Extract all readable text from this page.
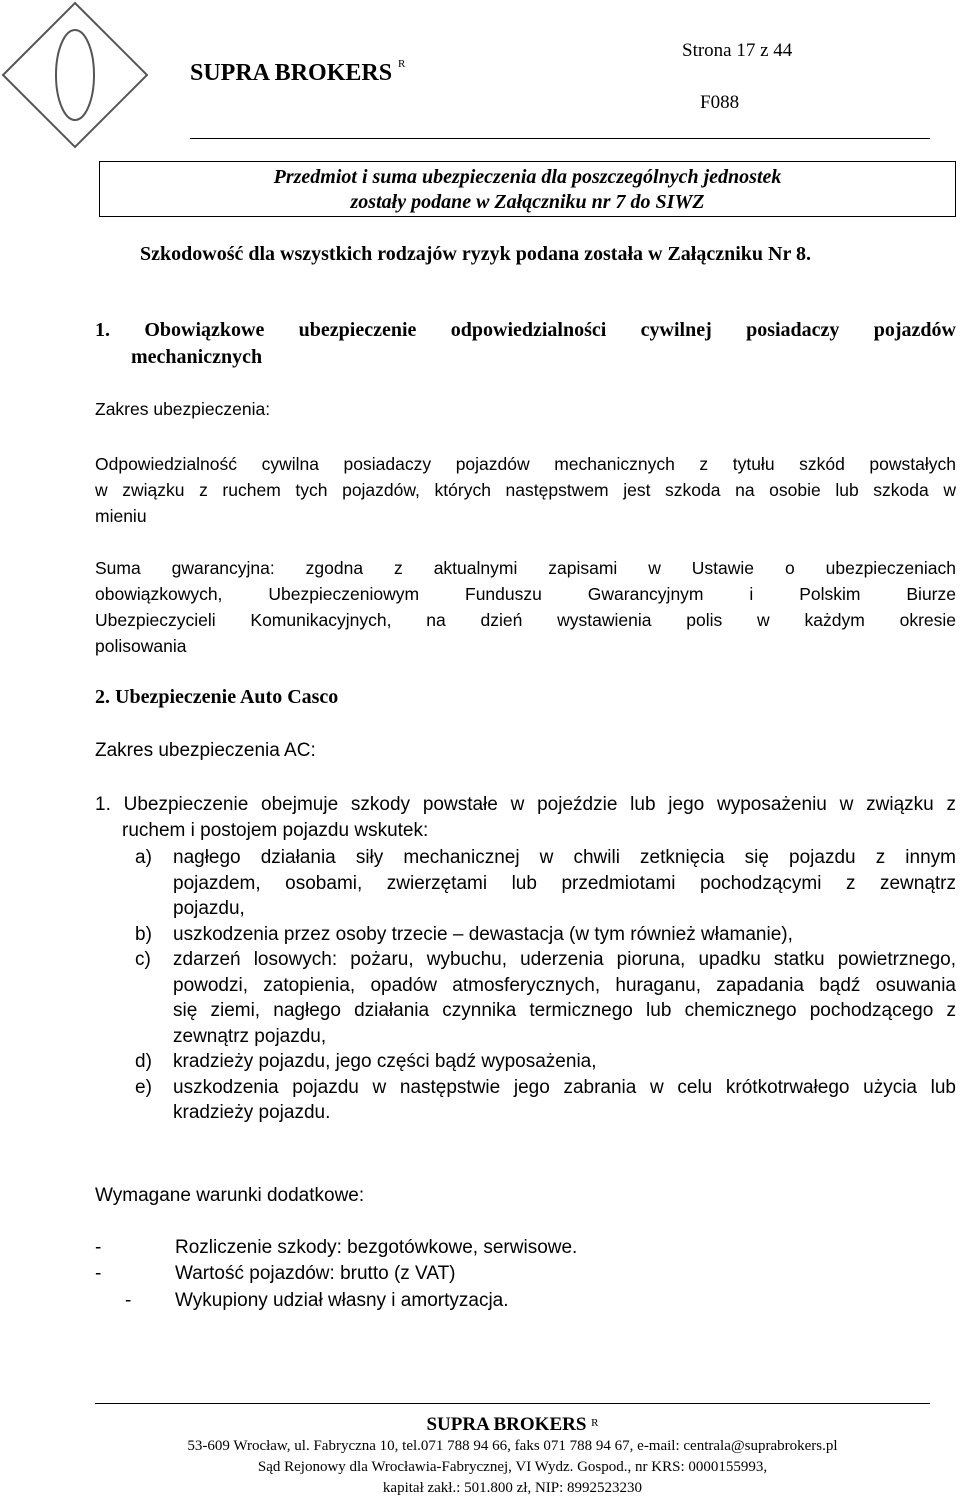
SUPRA BROKERS $^R$
Strona 17 z 44
F088
Przedmiot i suma ubezpieczenia dla poszczególnych jednostek
zostały podane w Załączniku nr 7 do SIWZ
Szkodowość dla wszystkich rodzajów ryzyk podana została w Załączniku Nr 8.
1. Obowiązkowe ubezpieczenie odpowiedzialności cywilnej posiadaczy pojazdów
mechanicznych
Zakres ubezpieczenia:
Odpowiedzialność cywilna posiadaczy pojazdów mechanicznych z tytułu szkód powstałych
w związku z ruchem tych pojazdów, których następstwem jest szkoda na osobie lub szkoda w
mieniu
Suma gwarancyjna: zgodna z aktualnymi zapisami w Ustawie o ubezpieczeniach
obowiązkowych, Ubezpieczeniowym Funduszu Gwarancyjnym i Polskim Biurze
Ubezpieczycieli Komunikacyjnych, na dzień wystawienia polis w każdym okresie
polisowania
2. Ubezpieczenie Auto Casco
Zakres ubezpieczenia AC:
1. Ubezpieczenie obejmuje szkody powstałe w pojeździe lub jego wyposażeniu w związku z
ruchem i postojem pojazdu wskutek:
a)	nagłego działania siły mechanicznej w chwili zetknięcia się pojazdu z innym
pojazdem, osobami, zwierzętami lub przedmiotami pochodzącymi z zewnątrz
pojazdu,
b)	uszkodzenia przez osoby trzecie – dewastacja (w tym również włamanie),
c)	zdarzeń losowych: pożaru, wybuchu, uderzenia pioruna, upadku statku powietrznego,
powodzi, zatopienia, opadów atmosferycznych, huraganu, zapadania bądź osuwania
się ziemi, nagłego działania czynnika termicznego lub chemicznego pochodzącego z
zewnątrz pojazdu,
d)	kradzieży pojazdu, jego części bądź wyposażenia,
e)	uszkodzenia pojazdu w następstwie jego zabrania w celu krótkotrwałego użycia lub
kradzieży pojazdu.
Wymagane warunki dodatkowe:
-	Rozliczenie szkody: bezgotówkowe, serwisowe.
-	Wartość pojazdów: brutto (z VAT)
- Wykupiony udział własny i amortyzacja.
SUPRA BROKERS $^R$
53-609 Wrocław, ul. Fabryczna 10, tel.071 788 94 66, faks 071 788 94 67, e-mail: centrala@suprabrokers.pl
Sąd Rejonowy dla Wrocławia-Fabrycznej, VI Wydz. Gospod., nr KRS: 0000155993,
kapitał zakł.: 501.800 zł, NIP: 8992523230
